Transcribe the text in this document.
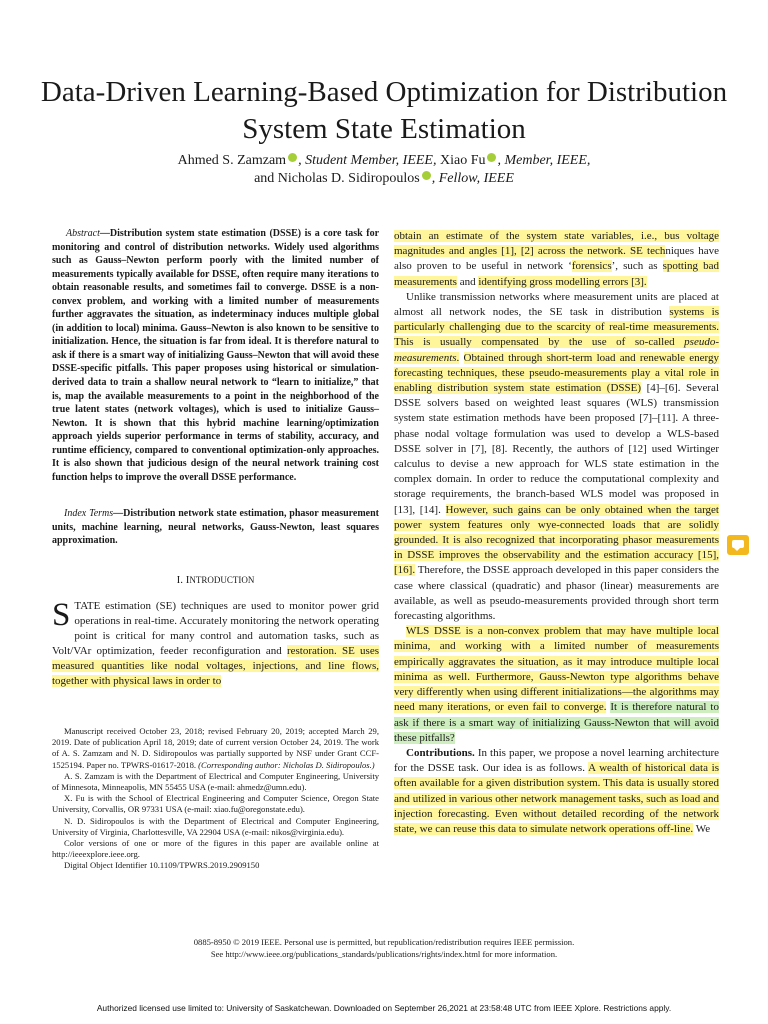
Data-Driven Learning-Based Optimization for Distribution System State Estimation
Ahmed S. Zamzam , Student Member, IEEE, Xiao Fu , Member, IEEE,
and Nicholas D. Sidiropoulos , Fellow, IEEE

Abstract—Distribution system state estimation (DSSE) is a core task for monitoring and control of distribution networks. Widely used algorithms such as Gauss–Newton perform poorly with the limited number of measurements typically available for DSSE, often require many iterations to obtain reasonable results, and sometimes fail to converge. DSSE is a non-convex problem, and working with a limited number of measurements further aggravates the situation, as indeterminacy induces multiple global (in addition to local) minima. Gauss–Newton is also known to be sensitive to initialization. Hence, the situation is far from ideal. It is therefore natural to ask if there is a smart way of initializing Gauss–Newton that will avoid these DSSE-specific pitfalls. This paper proposes using historical or simulation-derived data to train a shallow neural network to “learn to initialize,” that is, map the available measurements to a point in the neighborhood of the true latent states (network voltages), which is used to initialize Gauss–Newton. It is shown that this hybrid machine learning/optimization approach yields superior performance in terms of stability, accuracy, and runtime efficiency, compared to conventional optimization-only approaches. It is also shown that judicious design of the neural network training cost function helps to improve the overall DSSE performance.

Index Terms—Distribution network state estimation, phasor measurement units, machine learning, neural networks, Gauss-Newton, least squares approximation.

I. INTRODUCTION

STATE estimation (SE) techniques are used to monitor power grid operations in real-time. Accurately monitoring the network operating point is critical for many control and automation tasks, such as Volt/VAr optimization, feeder reconfiguration and restoration. SE uses measured quantities like nodal voltages, injections, and line flows, together with physical laws in order to

Manuscript received October 23, 2018; revised February 20, 2019; accepted March 29, 2019. Date of publication April 18, 2019; date of current version October 24, 2019. The work of A. S. Zamzam and N. D. Sidiropoulos was partially supported by NSF under Grant CCF-1525194. Paper no. TPWRS-01617-2018. (Corresponding author: Nicholas D. Sidiropoulos.)

A. S. Zamzam is with the Department of Electrical and Computer Engineering, University of Minnesota, Minneapolis, MN 55455 USA (e-mail: ahmedz@umn.edu).

X. Fu is with the School of Electrical Engineering and Computer Science, Oregon State University, Corvallis, OR 97331 USA (e-mail: xiao.fu@oregonstate.edu).

N. D. Sidiropoulos is with the Department of Electrical and Computer Engineering, University of Virginia, Charlottesville, VA 22904 USA (e-mail: nikos@virginia.edu).

Color versions of one or more of the figures in this paper are available online at http://ieeexplore.ieee.org.

Digital Object Identifier 10.1109/TPWRS.2019.2909150

obtain an estimate of the system state variables, i.e., bus voltage magnitudes and angles [1], [2] across the network. SE techniques have also proven to be useful in network ‘forensics’, such as spotting bad measurements and identifying gross modelling errors [3].

Unlike transmission networks where measurement units are placed at almost all network nodes, the SE task in distribution systems is particularly challenging due to the scarcity of real-time measurements. This is usually compensated by the use of so-called pseudo-measurements. Obtained through short-term load and renewable energy forecasting techniques, these pseudo-measurements play a vital role in enabling distribution system state estimation (DSSE) [4]–[6]. Several DSSE solvers based on weighted least squares (WLS) transmission system state estimation methods have been proposed [7]–[11]. A three-phase nodal voltage formulation was used to develop a WLS-based DSSE solver in [7], [8]. Recently, the authors of [12] used Wirtinger calculus to devise a new approach for WLS state estimation in the complex domain. In order to reduce the computational complexity and storage requirements, the branch-based WLS model was proposed in [13], [14]. However, such gains can be only obtained when the target power system features only wye-connected loads that are solidly grounded. It is also recognized that incorporating phasor measurements in DSSE improves the observability and the estimation accuracy [15], [16]. Therefore, the DSSE approach developed in this paper considers the case where classical (quadratic) and phasor (linear) measurements are available, as well as pseudo-measurements provided through short term forecasting algorithms.

WLS DSSE is a non-convex problem that may have multiple local minima, and working with a limited number of measurements empirically aggravates the situation, as it may introduce multiple local minima as well. Furthermore, Gauss-Newton type algorithms behave very differently when using different initializations—the algorithms may need many iterations, or even fail to converge. It is therefore natural to ask if there is a smart way of initializing Gauss-Newton that will avoid these pitfalls?

Contributions. In this paper, we propose a novel learning architecture for the DSSE task. Our idea is as follows. A wealth of historical data is often available for a given distribution system. This data is usually stored and utilized in various other network management tasks, such as load and injection forecasting. Even without detailed recording of the network state, we can reuse this data to simulate network operations off-line. We

0885-8950 © 2019 IEEE. Personal use is permitted, but republication/redistribution requires IEEE permission.
See http://www.ieee.org/publications_standards/publications/rights/index.html for more information.
Authorized licensed use limited to: University of Saskatchewan. Downloaded on September 26,2021 at 23:58:48 UTC from IEEE Xplore. Restrictions apply.
